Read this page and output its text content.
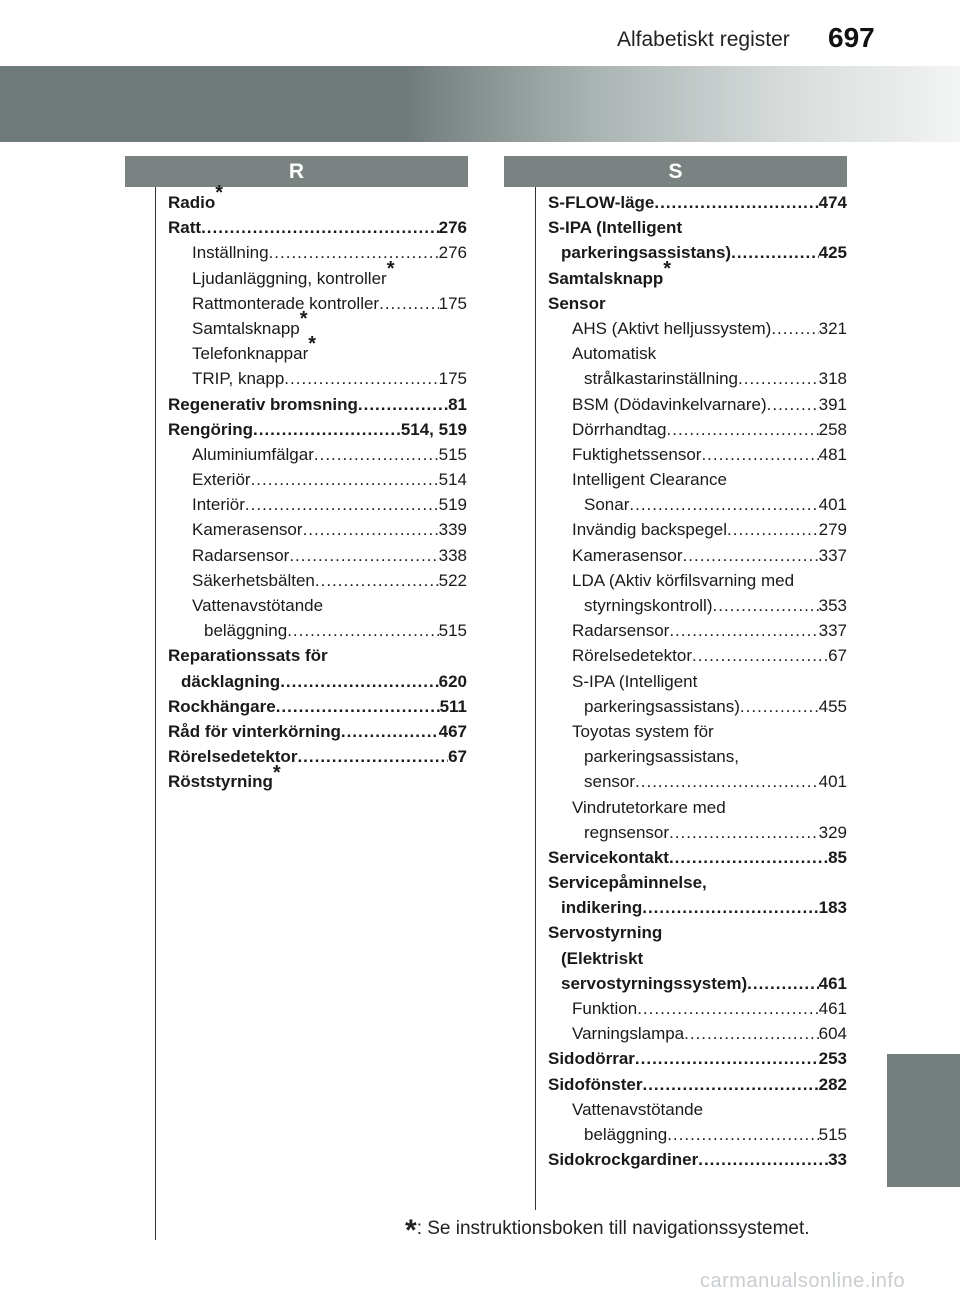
Alfabetiskt register 697
R	S
Radio*
Ratt .....	276
Inställning .....	276
Ljudanläggning, kontroller*
Rattmonterade kontroller .....	175
Samtalsknapp*
Telefonknappar*
TRIP, knapp .....	175
Regenerativ bromsning .....	81
Rengöring .....	514, 519
Aluminiumfälgar .....	515
Exteriör .....	514
Interiör .....	519
Kamerasensor .....	339
Radarsensor .....	338
Säkerhetsbälten .....	522
Vattenavstötande
beläggning .....	515
Reparationssats för
däcklagning .....	620
Rockhängare .....	511
Råd för vinterkörning .....	467
Rörelsedetektor .....	67
Röststyrning*
S-FLOW-läge .....	474
S-IPA (Intelligent
parkeringsassistans) .....	425
Samtalsknapp*
Sensor
AHS (Aktivt helljussystem) .....	321
Automatisk
strålkastarinställning .....	318
BSM (Dödavinkelvarnare) .....	391
Dörrhandtag .....	258
Fuktighetssensor .....	481
Intelligent Clearance
Sonar .....	401
Invändig backspegel .....	279
Kamerasensor .....	337
LDA (Aktiv körfilsvarning med
styrningskontroll) .....	353
Radarsensor .....	337
Rörelsedetektor .....	67
S-IPA (Intelligent
parkeringsassistans) .....	455
Toyotas system för
parkeringsassistans,
sensor .....	401
Vindrutetorkare med
regnsensor .....	329
Servicekontakt .....	85
Servicepåminnelse,
indikering .....	183
Servostyrning
(Elektriskt
servostyrningssystem) .....	461
Funktion .....	461
Varningslampa .....	604
Sidodörrar .....	253
Sidofönster .....	282
Vattenavstötande
beläggning .....	515
Sidokrockgardiner .....	33
*: Se instruktionsboken till navigationssystemet.
carmanualsonline.info
